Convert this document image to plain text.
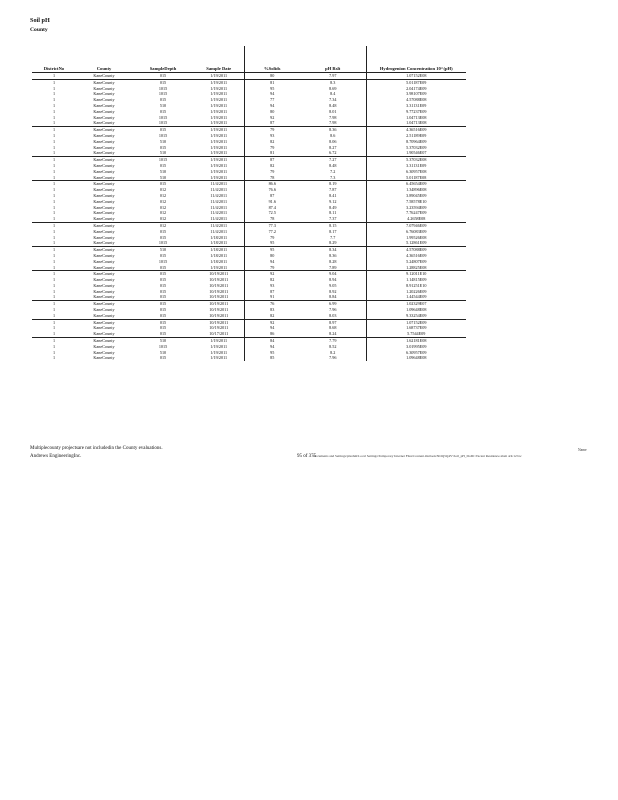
Soil pH
County
DistrictNo	County	SampleDepth	Sample Date	%Solids	pH Rslt	Hydrogenion Concentration 10^(pH)
1	KaneCounty	015	1/19/2011	80	7.97	1.07152E08
1	KaneCounty	015	1/19/2011	81	8.3	5.01187E09
1	KaneCounty	1015	1/19/2011	95	8.69	2.04174E09
1	KaneCounty	1015	1/19/2011	94	8.4	3.98107E09
1	KaneCounty	015	1/19/2011	77	7.34	4.57088E08
1	KaneCounty	510	1/19/2011	94	8.48	3.31131E09
1	KaneCounty	015	1/19/2011	80	8.01	9.77237E09
1	KaneCounty	1015	1/19/2011	92	7.98	1.04713E08
1	KaneCounty	1015	1/19/2011	87	7.98	1.04713E08
1	KaneCounty	015	1/19/2011	79	8.36	4.36516E09
1	KaneCounty	1015	1/19/2011	93	8.6	2.51189E09
1	KaneCounty	510	1/19/2011	82	8.06	8.70964E09
1	KaneCounty	015	1/19/2011	79	8.27	5.37032E09
1	KaneCounty	510	1/19/2011	81	6.72	1.90546E07
1	KaneCounty	1015	1/19/2011	87	7.27	5.37032E08
1	KaneCounty	015	1/19/2011	82	8.48	3.31131E09
1	KaneCounty	510	1/19/2011	79	7.2	6.30957E08
1	KaneCounty	510	1/19/2011	78	7.3	5.01187E08
1	KaneCounty	015	11/4/2011	86.6	8.19	6.45654E09
1	KaneCounty	012	11/4/2011	76.6	7.87	1.34896E08
1	KaneCounty	012	11/4/2011	87	8.41	3.89045E09
1	KaneCounty	012	11/4/2011	91.6	9.12	7.58578E10
1	KaneCounty	012	11/4/2011	87.4	8.49	3.23594E09
1	KaneCounty	012	11/4/2011	72.5	8.11	7.76247E09
1	KaneCounty	012	11/4/2011	78	7.37	4.2658E08
1	KaneCounty	012	11/4/2011	77.3	8.15	7.07946E09
1	KaneCounty	015	11/4/2011	77.2	8.17	6.76083E09
1	KaneCounty	015	1/18/2011	79	7.7	1.99526E08
1	KaneCounty	1015	1/18/2011	95	8.29	5.12861E09
1	KaneCounty	510	1/18/2011	95	8.34	4.57088E09
1	KaneCounty	015	1/18/2011	80	8.36	4.36516E09
1	KaneCounty	1015	1/18/2011	94	8.28	5.24807E09
1	KaneCounty	015	1/19/2011	79	7.89	1.28825E08
1	KaneCounty	015	10/19/2011	92	9.04	9.12011E10
1	KaneCounty	015	10/19/2011	82	8.94	1.14815E09
1	KaneCounty	015	10/19/2011	93	9.05	8.91251E10
1	KaneCounty	015	10/19/2011	87	8.92	1.20226E09
1	KaneCounty	015	10/19/2011	91	8.84	1.44544E09
1	KaneCounty	015	10/19/2011	76	6.99	1.02329E07
1	KaneCounty	015	10/19/2011	83	7.96	1.09648E08
1	KaneCounty	015	10/19/2011	82	8.03	9.33254E09
1	KaneCounty	015	10/19/2011	92	8.97	1.07152E09
1	KaneCounty	015	10/19/2011	94	8.68	1.68737E09
1	KaneCounty	015	10/17/2011	86	8.24	5.7544E09
1	KaneCounty	510	1/19/2011	84	7.79	1.62181E08
1	KaneCounty	1015	1/19/2011	94	8.52	3.01995E09
1	KaneCounty	510	1/19/2011	95	8.2	6.30957E09
1	KaneCounty	015	1/19/2011	85	7.96	1.09648E08
Multiplecounty projectsare not includedin the County evaluations.
Andrews EngineeringInc.	95 of 375
Documents and Settings\pbrehm\Local Settings\Temporary Internet Files\Content.Outlook\NOQ5Q4V\Soil_pH_DoD1\Vacant Residence.xlsm 4/4/12 bw
Name
